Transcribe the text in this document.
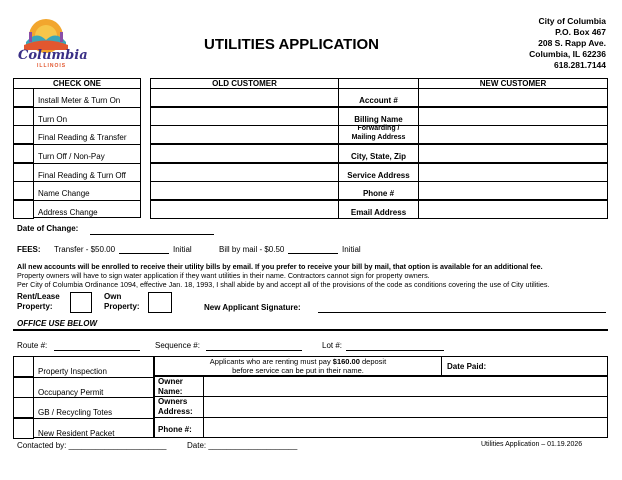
Columbia
ILLINOIS
UTILITIES APPLICATION
City of Columbia
P.O. Box 467
208 S. Rapp Ave.
Columbia, IL 62236
618.281.7144
CHECK ONE
Install Meter & Turn On
Turn On
Final Reading & Transfer
Turn Off / Non-Pay
Final Reading & Turn Off
Name Change
Address Change
OLD CUSTOMER	NEW CUSTOMER
Account #
Billing Name
Forwarding /
Mailing Address
City, State, Zip
Service Address
Phone #
Email Address
Date of Change:
FEES: Transfer - $50.00	Initial	Bill by mail - $0.50	Initial
All new accounts will be enrolled to receive their utility bills by email. If you prefer to receive your bill by mail, that option is available for an additional fee.
Property owners will have to sign water application if they want utilities in their name. Contractors cannot sign for property owners.
Per City of Columbia Ordinance 1094, effective Jan. 18, 1993, I shall abide by and accept all of the provisions of the code as conditions covering the use of City utilities.
Rent/Lease
Property:
Own
Property:	New Applicant Signature:
OFFICE USE BELOW
Route #:	Sequence #:	Lot #:
Property Inspection
Occupancy Permit
GB / Recycling Totes
New Resident Packet
Applicants who are renting must pay $160.00 deposit
before service can be put in their name.	Date Paid:
Owner
Name:
Owners
Address:
Phone #:
Contacted by: ______________________	Date: ____________________	Utilities Application – 01.19.2026
